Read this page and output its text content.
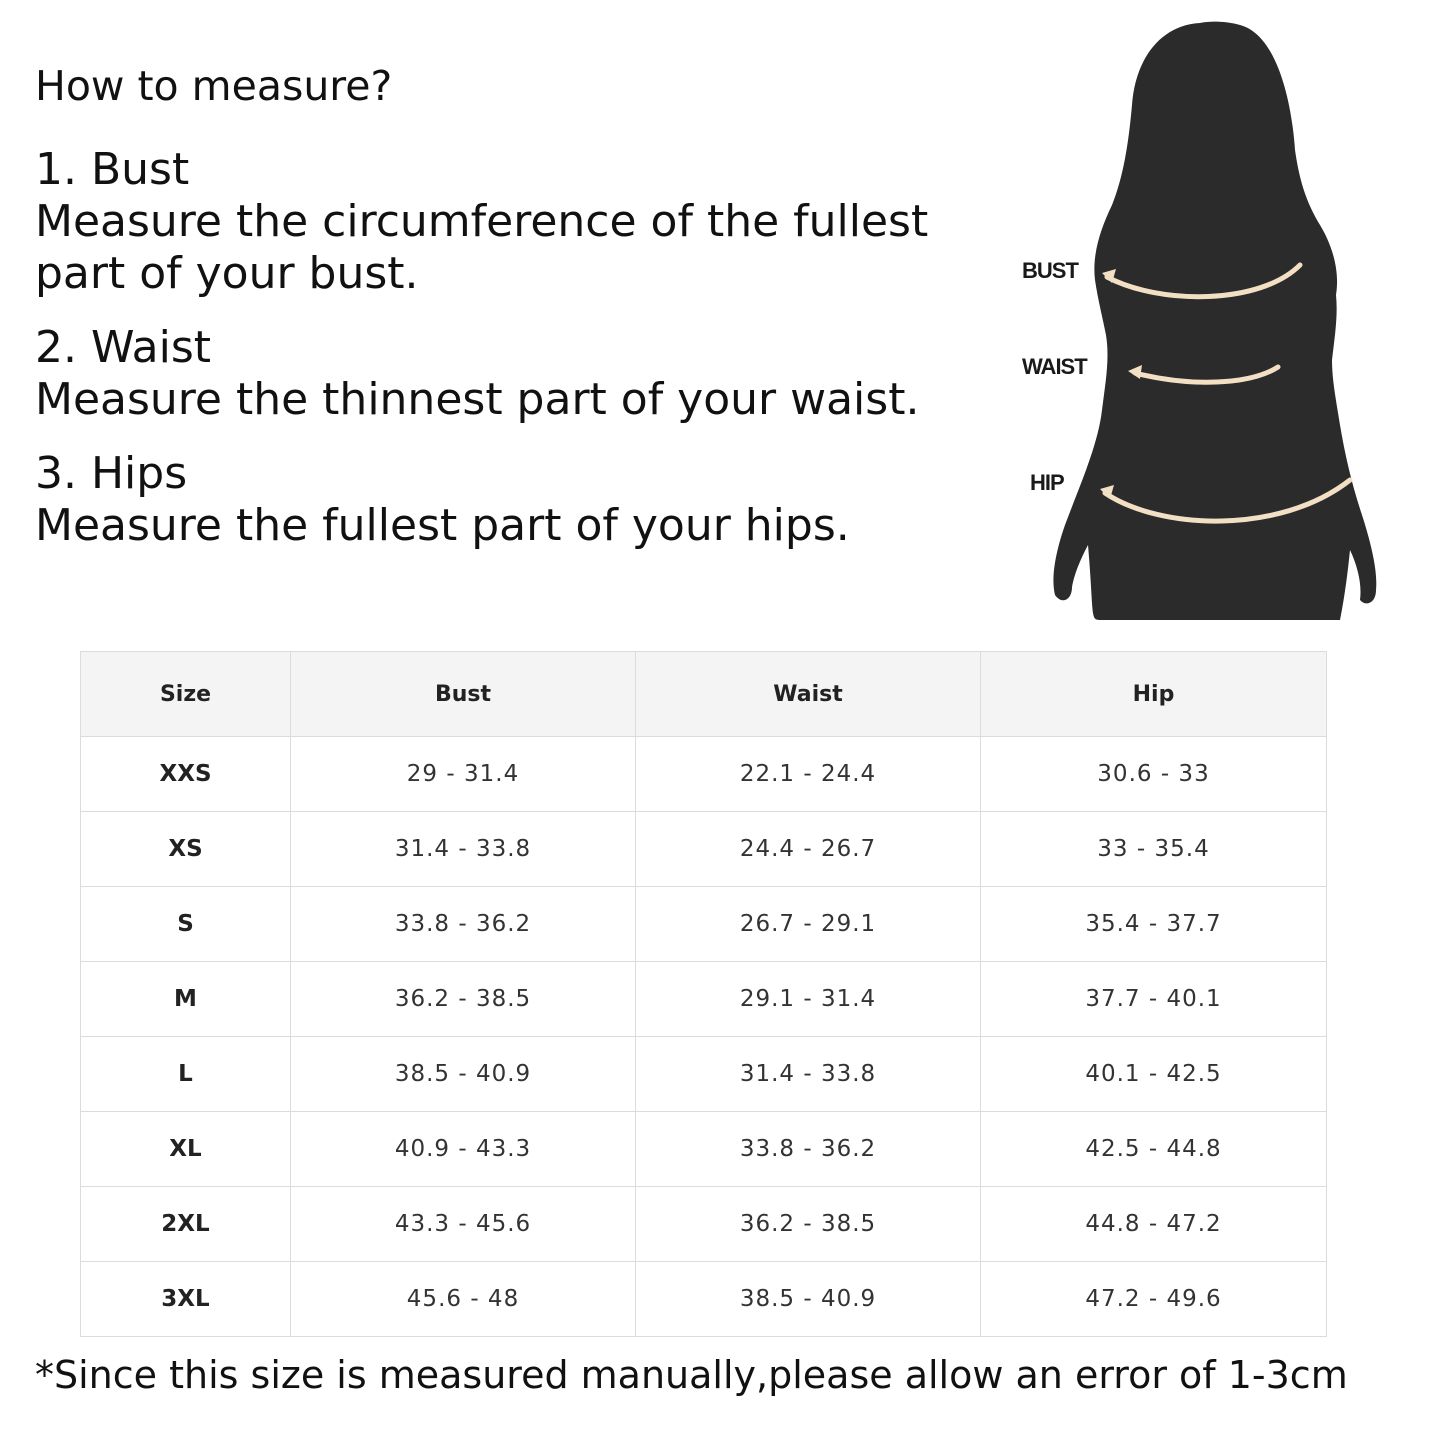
How to measure?
1. Bust
Measure the circumference of the fullest
part of your bust.
2. Waist
Measure the thinnest part of your waist.
3. Hips
Measure the fullest part of your hips.
BUST
WAIST
HIP
Size	Bust	Waist	Hip
XXS	29 - 31.4	22.1 - 24.4	30.6 - 33
XS	31.4 - 33.8	24.4 - 26.7	33 - 35.4
S	33.8 - 36.2	26.7 - 29.1	35.4 - 37.7
M	36.2 - 38.5	29.1 - 31.4	37.7 - 40.1
L	38.5 - 40.9	31.4 - 33.8	40.1 - 42.5
XL	40.9 - 43.3	33.8 - 36.2	42.5 - 44.8
2XL	43.3 - 45.6	36.2 - 38.5	44.8 - 47.2
3XL	45.6 - 48	38.5 - 40.9	47.2 - 49.6
*Since this size is measured manually,please allow an error of 1-3cm
